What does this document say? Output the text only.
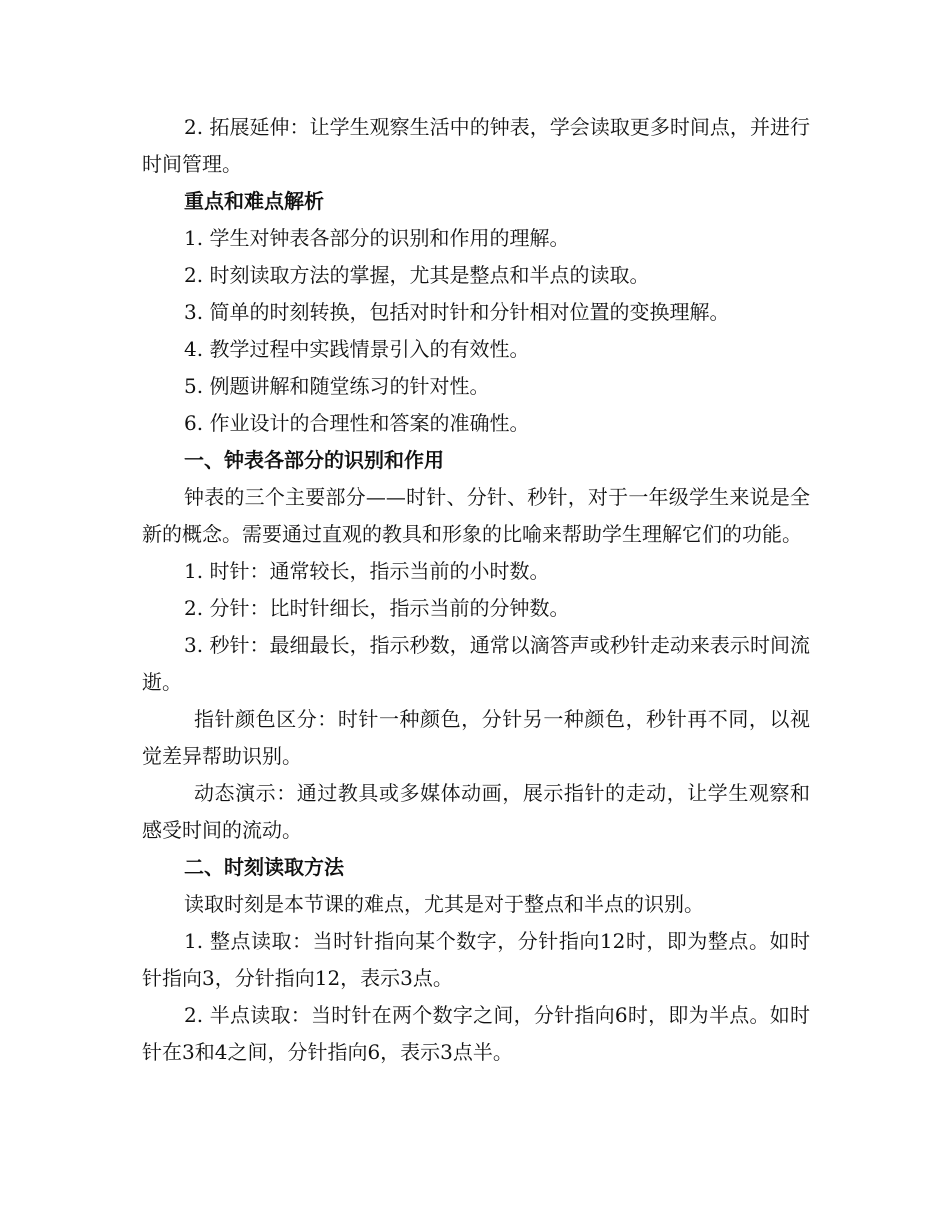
2. 拓展延伸：让学生观察生活中的钟表，学会读取更多时间点，并进行时间管理。

重点和难点解析

1. 学生对钟表各部分的识别和作用的理解。

2. 时刻读取方法的掌握，尤其是整点和半点的读取。

3. 简单的时刻转换，包括对时针和分针相对位置的变换理解。

4. 教学过程中实践情景引入的有效性。

5. 例题讲解和随堂练习的针对性。

6. 作业设计的合理性和答案的准确性。

一、钟表各部分的识别和作用

钟表的三个主要部分——时针、分针、秒针，对于一年级学生来说是全新的概念。需要通过直观的教具和形象的比喻来帮助学生理解它们的功能。

1. 时针：通常较长，指示当前的小时数。

2. 分针：比时针细长，指示当前的分钟数。

3. 秒针：最细最长，指示秒数，通常以滴答声或秒针走动来表示时间流逝。

指针颜色区分：时针一种颜色，分针另一种颜色，秒针再不同，以视觉差异帮助识别。

动态演示：通过教具或多媒体动画，展示指针的走动，让学生观察和感受时间的流动。

二、时刻读取方法

读取时刻是本节课的难点，尤其是对于整点和半点的识别。

1. 整点读取：当时针指向某个数字，分针指向12时，即为整点。如时针指向3，分针指向12，表示3点。

2. 半点读取：当时针在两个数字之间，分针指向6时，即为半点。如时针在3和4之间，分针指向6，表示3点半。
